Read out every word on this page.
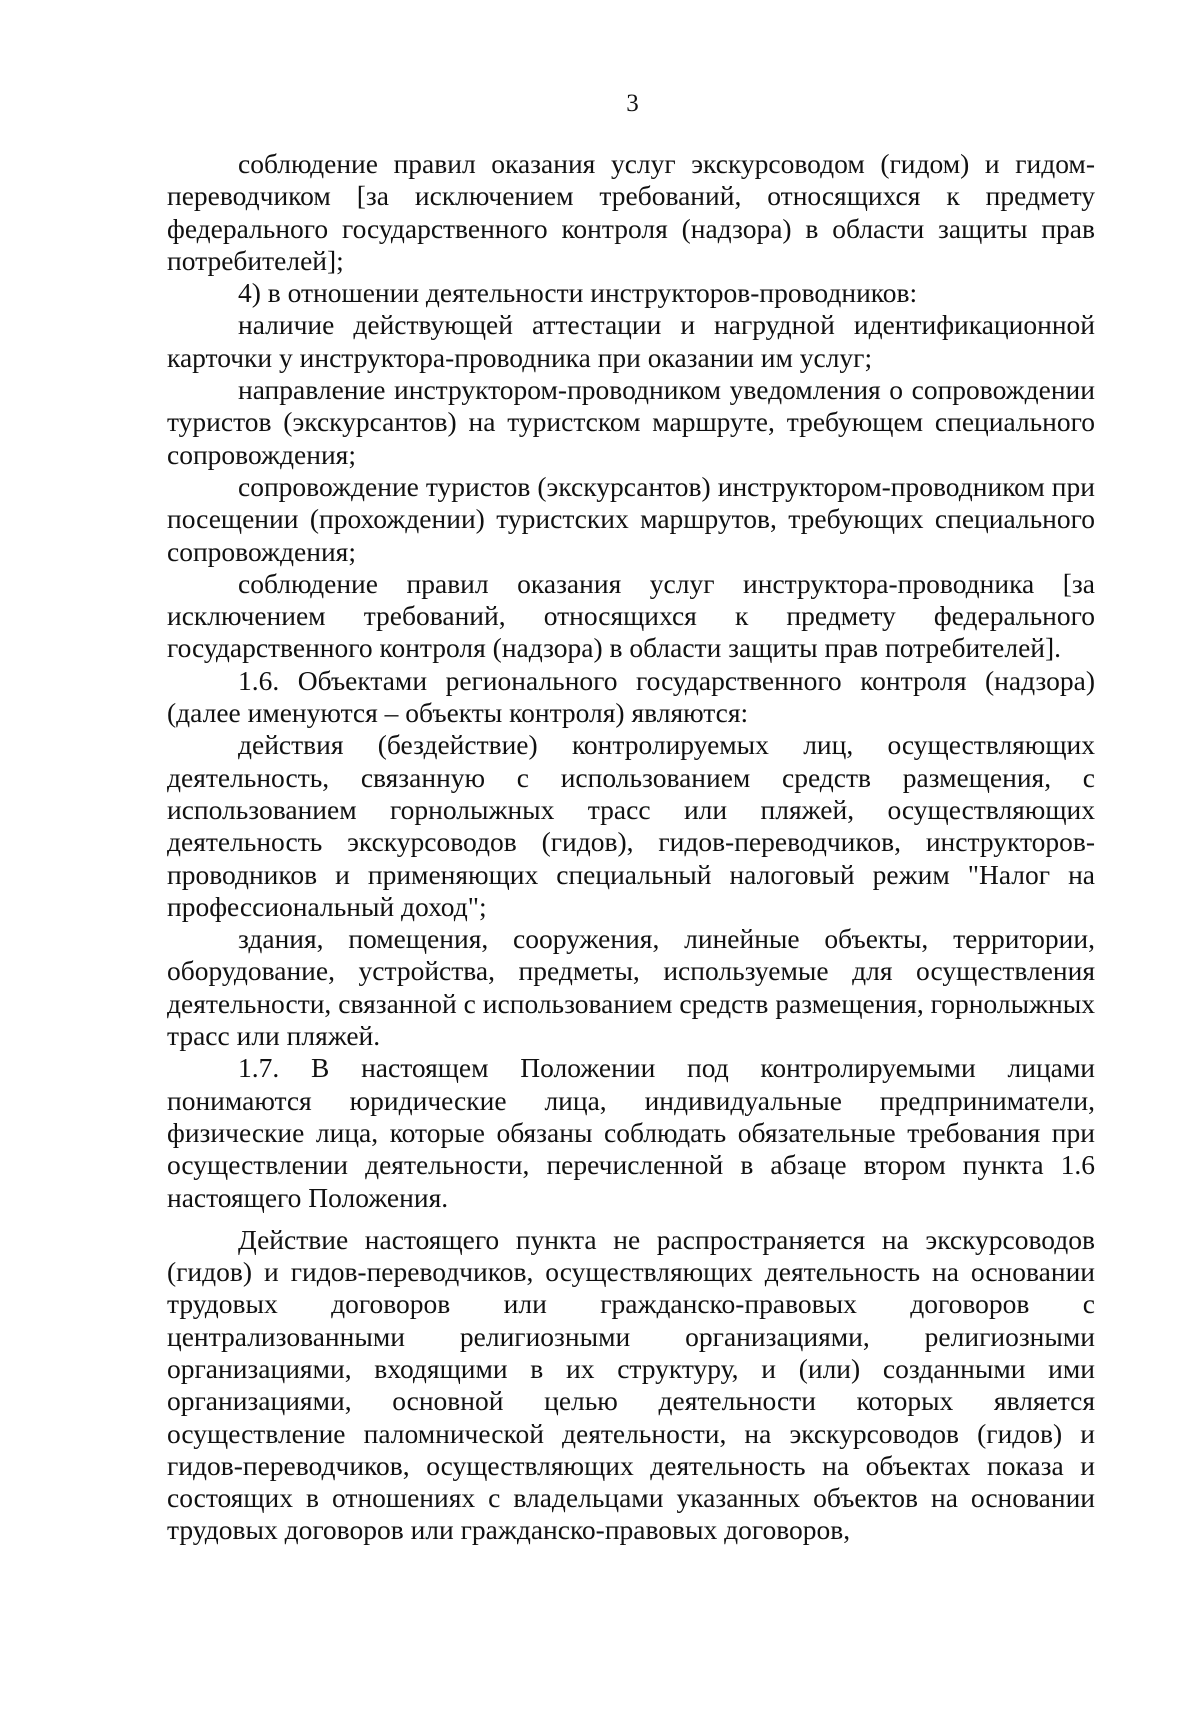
3

соблюдение правил оказания услуг экскурсоводом (гидом) и гидом-переводчиком [за исключением требований, относящихся к предмету федерального государственного контроля (надзора) в области защиты прав потребителей];

4) в отношении деятельности инструкторов-проводников:

наличие действующей аттестации и нагрудной идентификационной карточки у инструктора-проводника при оказании им услуг;

направление инструктором-проводником уведомления о сопровождении туристов (экскурсантов) на туристском маршруте, требующем специального сопровождения;

сопровождение туристов (экскурсантов) инструктором-проводником при посещении (прохождении) туристских маршрутов, требующих специального сопровождения;

соблюдение правил оказания услуг инструктора-проводника [за исключением требований, относящихся к предмету федерального государственного контроля (надзора) в области защиты прав потребителей].

1.6. Объектами регионального государственного контроля (надзора) (далее именуются – объекты контроля) являются:

действия (бездействие) контролируемых лиц, осуществляющих деятельность, связанную с использованием средств размещения, с использованием горнолыжных трасс или пляжей, осуществляющих деятельность экскурсоводов (гидов), гидов-переводчиков, инструкторов-проводников и применяющих специальный налоговый режим "Налог на профессиональный доход";

здания, помещения, сооружения, линейные объекты, территории, оборудование, устройства, предметы, используемые для осуществления деятельности, связанной с использованием средств размещения, горнолыжных трасс или пляжей.

1.7. В настоящем Положении под контролируемыми лицами понимаются юридические лица, индивидуальные предприниматели, физические лица, которые обязаны соблюдать обязательные требования при осуществлении деятельности, перечисленной в абзаце втором пункта 1.6 настоящего Положения.

Действие настоящего пункта не распространяется на экскурсоводов (гидов) и гидов-переводчиков, осуществляющих деятельность на основании трудовых договоров или гражданско-правовых договоров с централизованными религиозными организациями, религиозными организациями, входящими в их структуру, и (или) созданными ими организациями, основной целью деятельности которых является осуществление паломнической деятельности, на экскурсоводов (гидов) и гидов-переводчиков, осуществляющих деятельность на объектах показа и состоящих в отношениях с владельцами указанных объектов на основании трудовых договоров или гражданско-правовых договоров,
